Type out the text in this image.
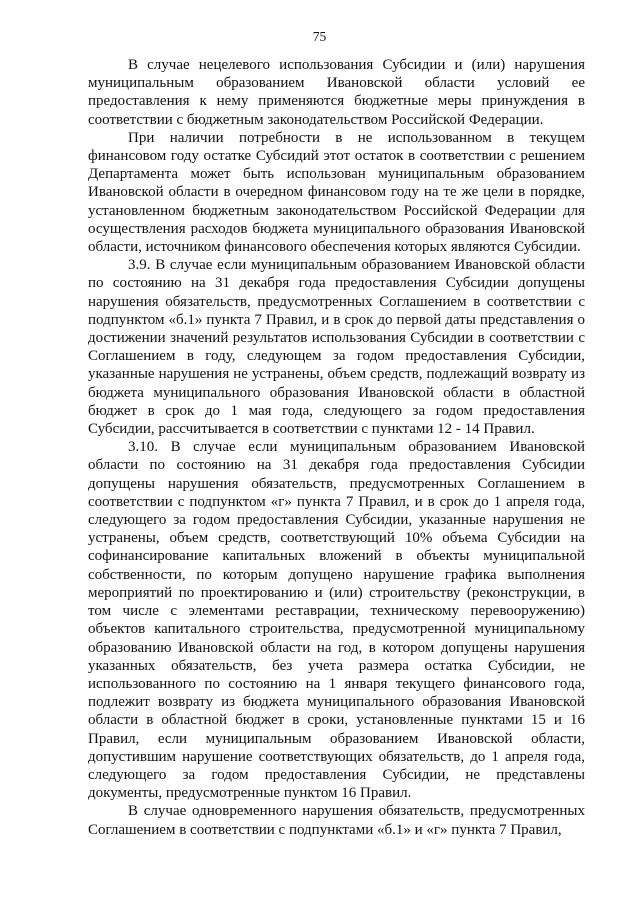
75

В случае нецелевого использования Субсидии и (или) нарушения муниципальным образованием Ивановской области условий ее предоставления к нему применяются бюджетные меры принуждения в соответствии с бюджетным законодательством Российской Федерации.

При наличии потребности в не использованном в текущем финансовом году остатке Субсидий этот остаток в соответствии с решением Департамента может быть использован муниципальным образованием Ивановской области в очередном финансовом году на те же цели в порядке, установленном бюджетным законодательством Российской Федерации для осуществления расходов бюджета муниципального образования Ивановской области, источником финансового обеспечения которых являются Субсидии.

3.9. В случае если муниципальным образованием Ивановской области по состоянию на 31 декабря года предоставления Субсидии допущены нарушения обязательств, предусмотренных Соглашением в соответствии с подпунктом «б.1» пункта 7 Правил, и в срок до первой даты представления о достижении значений результатов использования Субсидии в соответствии с Соглашением в году, следующем за годом предоставления Субсидии, указанные нарушения не устранены, объем средств, подлежащий возврату из бюджета муниципального образования Ивановской области в областной бюджет в срок до 1 мая года, следующего за годом предоставления Субсидии, рассчитывается в соответствии с пунктами 12 - 14 Правил.

3.10. В случае если муниципальным образованием Ивановской области по состоянию на 31 декабря года предоставления Субсидии допущены нарушения обязательств, предусмотренных Соглашением в соответствии с подпунктом «г» пункта 7 Правил, и в срок до 1 апреля года, следующего за годом предоставления Субсидии, указанные нарушения не устранены, объем средств, соответствующий 10% объема Субсидии на софинансирование капитальных вложений в объекты муниципальной собственности, по которым допущено нарушение графика выполнения мероприятий по проектированию и (или) строительству (реконструкции, в том числе с элементами реставрации, техническому перевооружению) объектов капитального строительства, предусмотренной муниципальному образованию Ивановской области на год, в котором допущены нарушения указанных обязательств, без учета размера остатка Субсидии, не использованного по состоянию на 1 января текущего финансового года, подлежит возврату из бюджета муниципального образования Ивановской области в областной бюджет в сроки, установленные пунктами 15 и 16 Правил, если муниципальным образованием Ивановской области, допустившим нарушение соответствующих обязательств, до 1 апреля года, следующего за годом предоставления Субсидии, не представлены документы, предусмотренные пунктом 16 Правил.

В случае одновременного нарушения обязательств, предусмотренных Соглашением в соответствии с подпунктами «б.1» и «г» пункта 7 Правил,
